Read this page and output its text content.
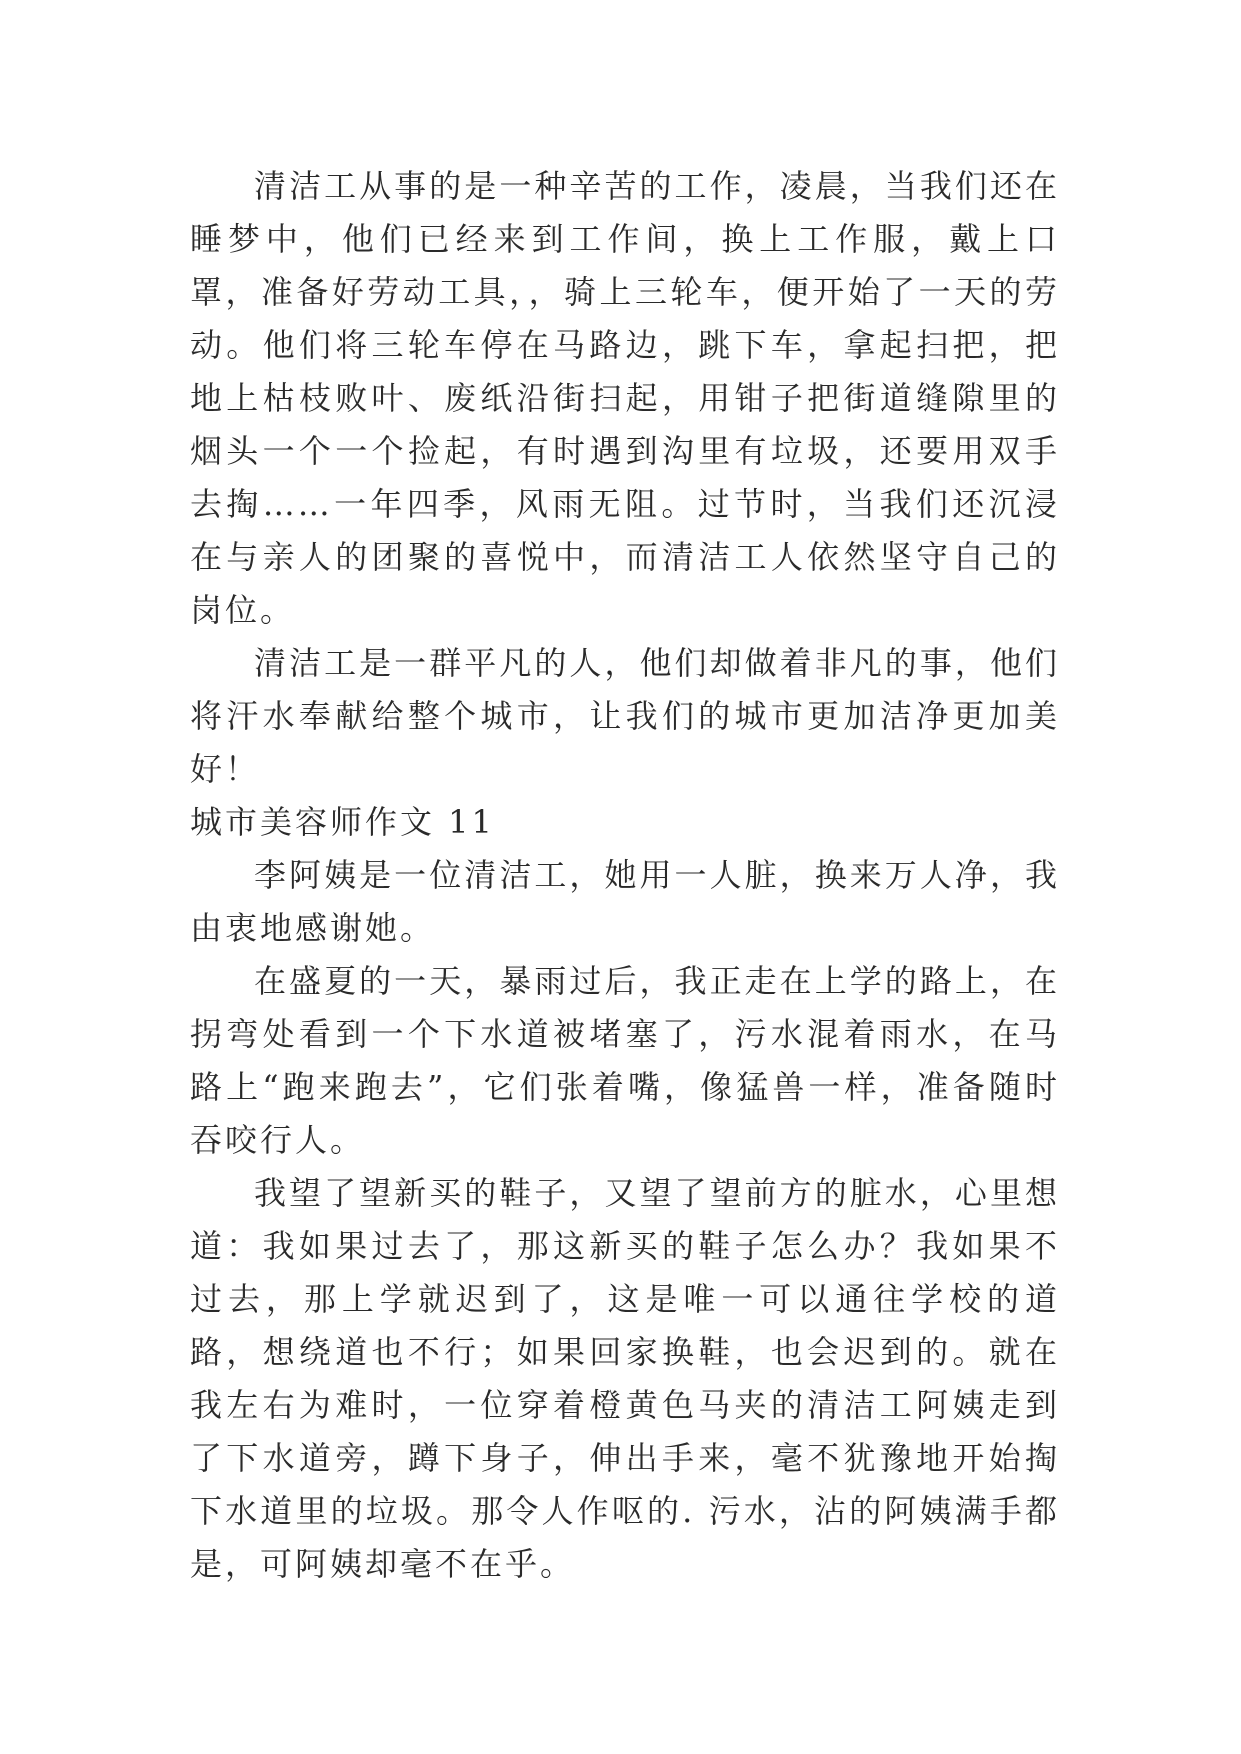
清洁工从事的是一种辛苦的工作，凌晨，当我们还在睡梦中，他们已经来到工作间，换上工作服，戴上口罩，准备好劳动工具，，骑上三轮车，便开始了一天的劳动。他们将三轮车停在马路边，跳下车，拿起扫把，把地上枯枝败叶、废纸沿街扫起，用钳子把街道缝隙里的烟头一个一个捡起，有时遇到沟里有垃圾，还要用双手去掏……一年四季，风雨无阻。过节时，当我们还沉浸在与亲人的团聚的喜悦中，而清洁工人依然坚守自己的岗位。

清洁工是一群平凡的人，他们却做着非凡的事，他们将汗水奉献给整个城市，让我们的城市更加洁净更加美好！

城市美容师作文 11

李阿姨是一位清洁工，她用一人脏，换来万人净，我由衷地感谢她。

在盛夏的一天，暴雨过后，我正走在上学的路上，在拐弯处看到一个下水道被堵塞了，污水混着雨水，在马路上“跑来跑去”，它们张着嘴，像猛兽一样，准备随时吞咬行人。

我望了望新买的鞋子，又望了望前方的脏水，心里想道：我如果过去了，那这新买的鞋子怎么办？我如果不过去，那上学就迟到了，这是唯一可以通往学校的道路，想绕道也不行；如果回家换鞋，也会迟到的。就在我左右为难时，一位穿着橙黄色马夹的清洁工阿姨走到了下水道旁，蹲下身子，伸出手来，毫不犹豫地开始掏下水道里的垃圾。那令人作呕的. 污水，沾的阿姨满手都是，可阿姨却毫不在乎。
